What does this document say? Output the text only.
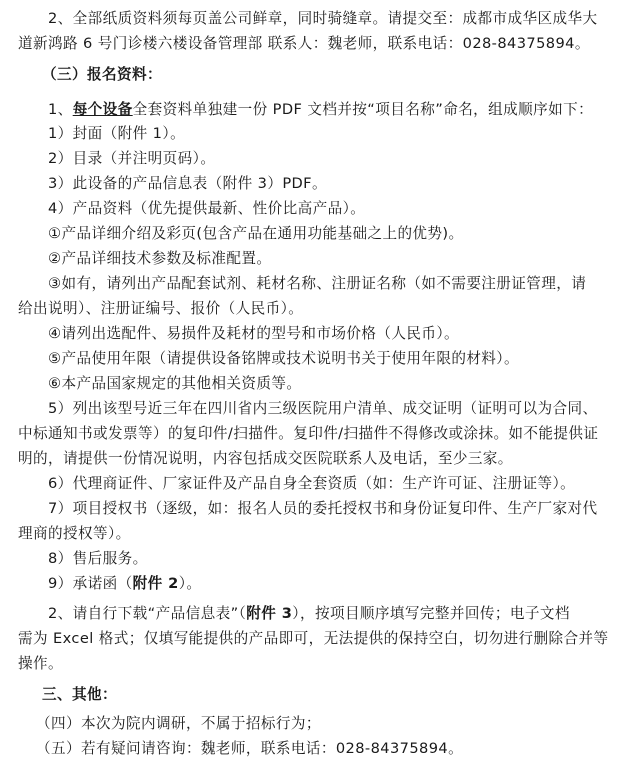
2、全部纸质资料须每页盖公司鲜章，同时骑缝章。请提交至：成都市成华区成华大
道新鸿路 6 号门诊楼六楼设备管理部 联系人：魏老师，联系电话：028-84375894。
（三）报名资料：
1、每个设备全套资料单独建一份 PDF 文档并按“项目名称”命名，组成顺序如下：
1）封面（附件 1）。
2）目录（并注明页码）。
3）此设备的产品信息表（附件 3）PDF。
4）产品资料（优先提供最新、性价比高产品）。
①产品详细介绍及彩页(包含产品在通用功能基础之上的优势)。
②产品详细技术参数及标准配置。
③如有，请列出产品配套试剂、耗材名称、注册证名称（如不需要注册证管理，请
给出说明）、注册证编号、报价（人民币）。
④请列出选配件、易损件及耗材的型号和市场价格（人民币）。
⑤产品使用年限（请提供设备铭牌或技术说明书关于使用年限的材料）。
⑥本产品国家规定的其他相关资质等。
5）列出该型号近三年在四川省内三级医院用户清单、成交证明（证明可以为合同、
中标通知书或发票等）的复印件/扫描件。复印件/扫描件不得修改或涂抹。如不能提供证
明的，请提供一份情况说明，内容包括成交医院联系人及电话，至少三家。
6）代理商证件、厂家证件及产品自身全套资质（如：生产许可证、注册证等）。
7）项目授权书（逐级，如：报名人员的委托授权书和身份证复印件、生产厂家对代
理商的授权等）。
8）售后服务。
9）承诺函（附件 2）。
2、请自行下载“产品信息表”（附件 3），按项目顺序填写完整并回传；电子文档
需为 Excel 格式；仅填写能提供的产品即可，无法提供的保持空白，切勿进行删除合并等
操作。
三、其他：
（四）本次为院内调研，不属于招标行为；
（五）若有疑问请咨询：魏老师，联系电话：028-84375894。
